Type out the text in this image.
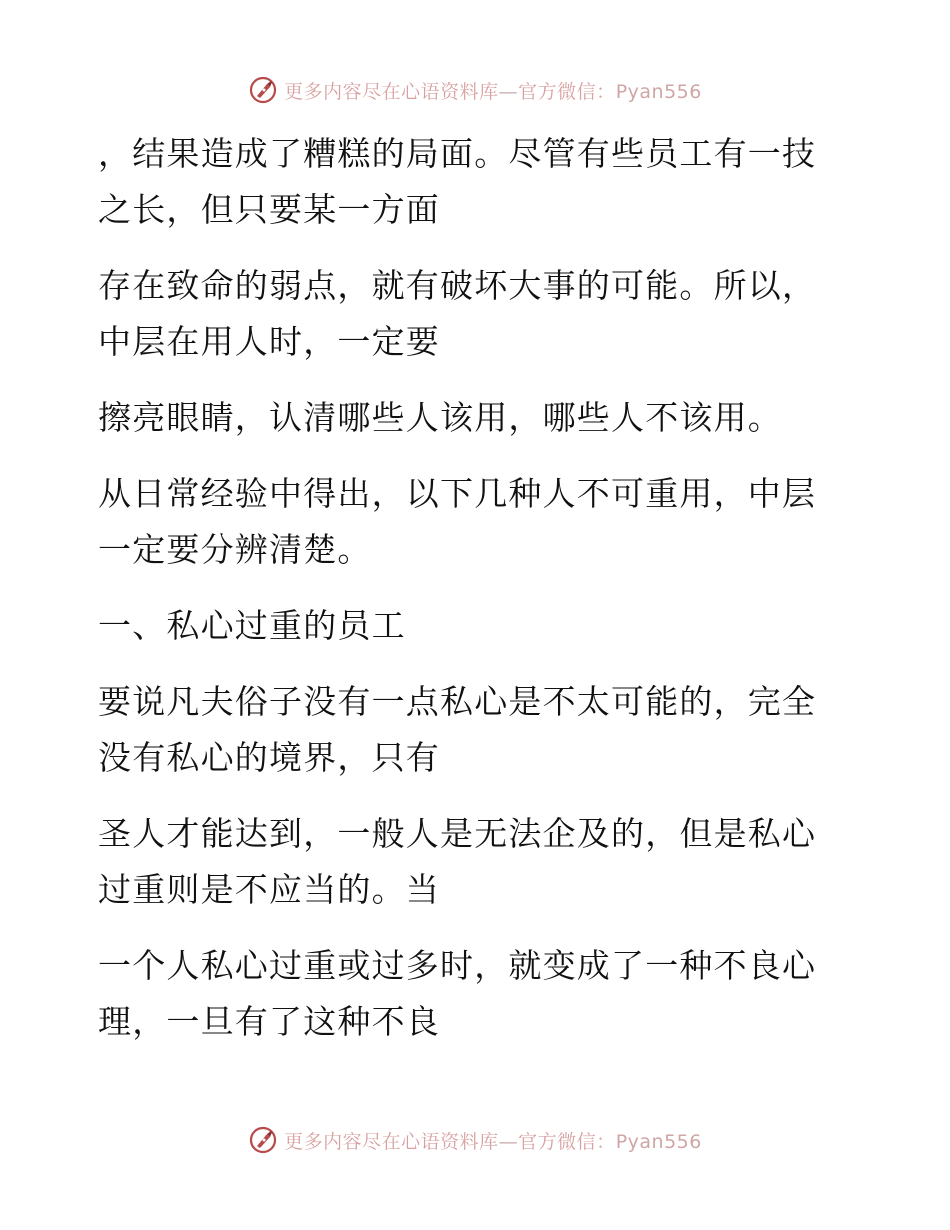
更多内容尽在心语资料库—官方微信：Pyan556

，结果造成了糟糕的局面。尽管有些员工有一技
之长，但只要某一方面

存在致命的弱点，就有破坏大事的可能。所以，
中层在用人时，一定要

擦亮眼睛，认清哪些人该用，哪些人不该用。

从日常经验中得出，以下几种人不可重用，中层
一定要分辨清楚。

一、私心过重的员工

要说凡夫俗子没有一点私心是不太可能的，完全
没有私心的境界，只有

圣人才能达到，一般人是无法企及的，但是私心
过重则是不应当的。当

一个人私心过重或过多时，就变成了一种不良心
理，一旦有了这种不良

更多内容尽在心语资料库—官方微信：Pyan556
